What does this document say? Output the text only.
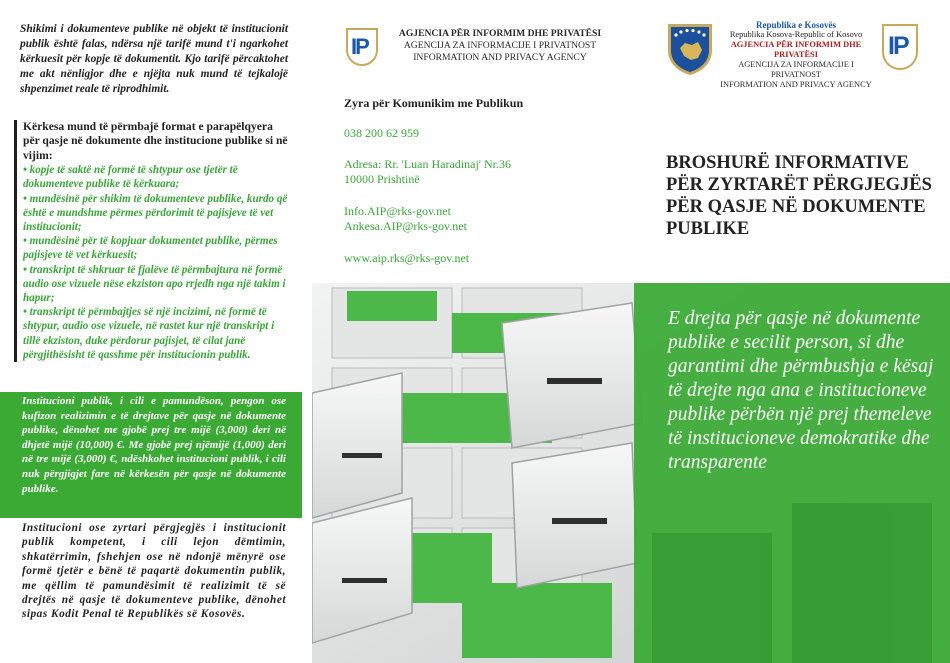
Shikimi i dokumenteve publike në objekt të institucionit publik është falas, ndërsa një tarifë mund t'i ngarkohet kërkuesit për kopje të dokumentit. Kjo tarifë përcaktohet me akt nënligjor dhe e njëjta nuk mund të tejkalojë shpenzimet reale të riprodhimit.

Kërkesa mund të përmbajë format e parapëlqyera për qasje në dokumente dhe institucione publike si në vijim:

• kopje të saktë në formë të shtypur ose tjetër të dokumenteve publike të kërkuara;
• mundësinë për shikim të dokumenteve publike, kurdo që është e mundshme përmes përdorimit të pajisjeve të vet institucionit;
• mundësinë për të kopjuar dokumentet publike, përmes pajisjeve të vet kërkuesit;
• transkript të shkruar të fjalëve të përmbajtura në formë audio ose vizuele nëse ekziston apo rrjedh nga një takim i hapur;
• transkript të përmbajtjes së një incizimi, në formë të shtypur, audio ose vizuele, në rastet kur një transkript i tillë ekziston, duke përdorur pajisjet, të cilat janë përgjithësisht të qasshme për institucionin publik.

Institucioni publik, i cili e pamundëson, pengon ose kufizon realizimin e të drejtave për qasje në dokumente publike, dënohet me gjobë prej tre mijë (3,000) deri në dhjetë mijë (10,000) €. Me gjobë prej njëmijë (1,000) deri në tre mijë (3,000) €, ndëshkohet institucioni publik, i cili nuk përgjigjet fare në kërkesën për qasje në dokumente publike.

Institucioni ose zyrtari përgjegjës i institucionit publik kompetent, i cili lejon dëmtimin, shkatërrimin, fshehjen ose në ndonjë mënyrë ose formë tjetër e bënë të paqartë dokumentin publik, me qëllim të pamundësimit të realizimit të së drejtës në qasje të dokumenteve publike, dënohet sipas Kodit Penal të Republikës së Kosovës.

IP
AGJENCIA PËR INFORMIM DHE PRIVATËSI
AGENCIJA ZA INFORMACIJE I PRIVATNOST
INFORMATION AND PRIVACY AGENCY
Zyra për Komunikim me Publikun
038 200 62 959
Adresa: Rr. 'Luan Haradinaj' Nr.36
10000 Prishtinë
Info.AIP@rks-gov.net
Ankesa.AIP@rks-gov.net
www.aip.rks@rks-gov.net
Republika e Kosovës
Republika Kosova-Republic of Kosovo
AGJENCIA PËR INFORMIM DHE PRIVATËSI
AGENCIJA ZA INFORMACIJE I PRIVATNOST
INFORMATION AND PRIVACY AGENCY
IP
BROSHURË INFORMATIVE PËR ZYRTARËT PËRGJEGJËS PËR QASJE NË DOKUMENTE PUBLIKE

E drejta për qasje në dokumente publike e secilit person, si dhe garantimi dhe përmbushja e kësaj të drejte nga ana e institucioneve publike përbën një prej themeleve të institucioneve demokratike dhe transparente
